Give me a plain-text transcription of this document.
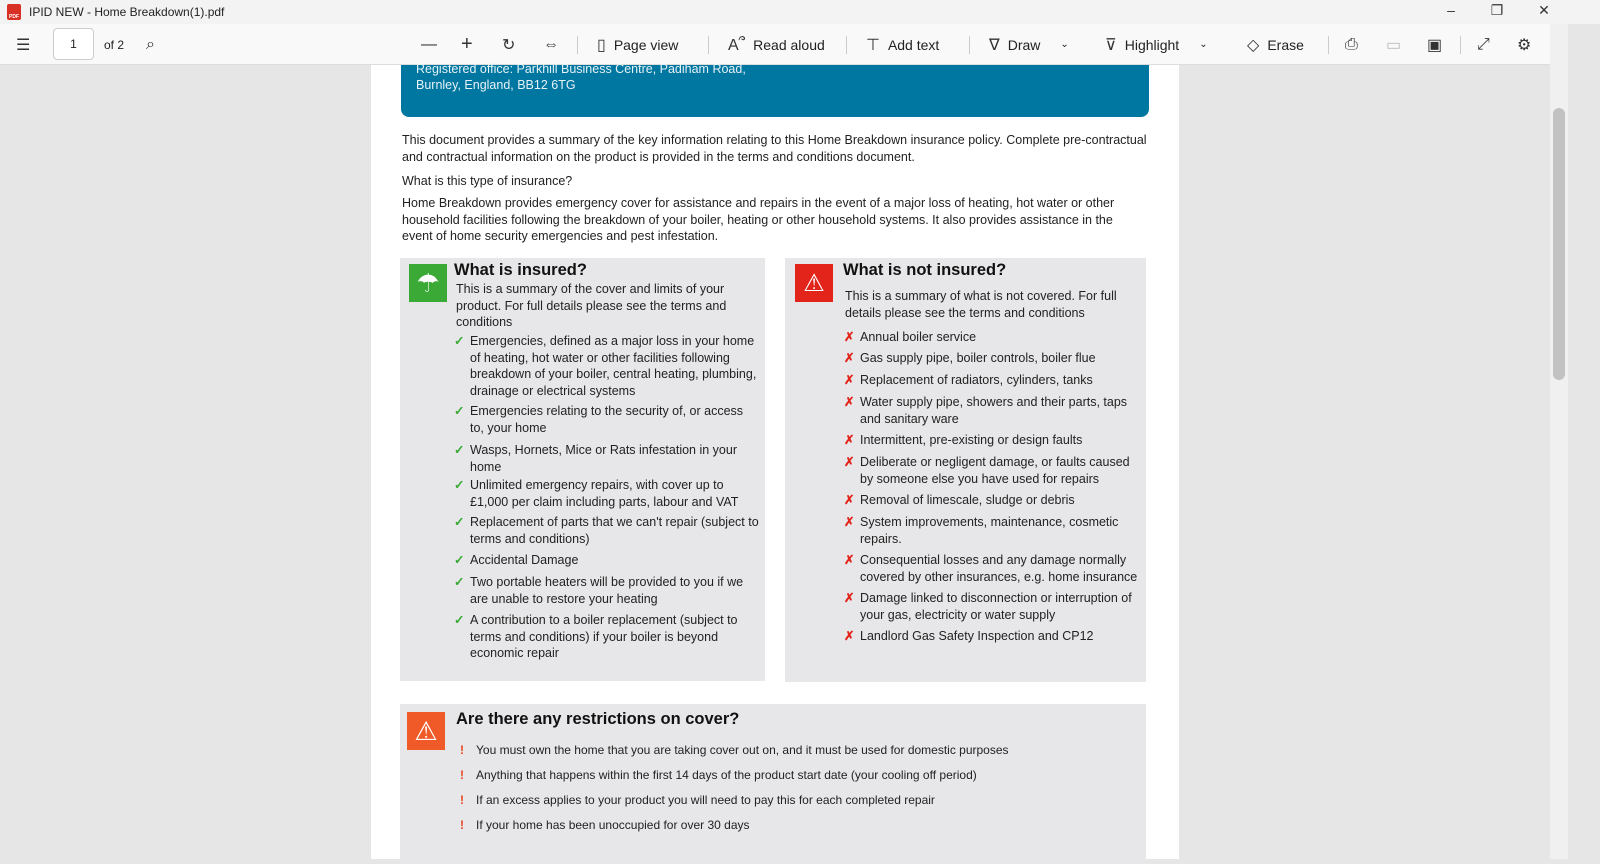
PDF IPID NEW - Home Breakdown(1).pdf	–	❐	✕
☰	1	of 2 ⌕	— + ↻ ⇔ ▯ Page view	A՞ Read aloud	⊤ Add text	∇ Draw ⌄ ⊽ Highlight ⌄ ◇ Erase	⎙ ▭ ▣ ⤢ ⚙
Registered office: Parkhill Business Centre, Padiham Road,
Burnley, England, BB12 6TG

This document provides a summary of the key information relating to this Home Breakdown insurance policy. Complete pre-contractual and contractual information on the product is provided in the terms and conditions document.

What is this type of insurance?

Home Breakdown provides emergency cover for assistance and repairs in the event of a major loss of heating, hot water or other household facilities following the breakdown of your boiler, heating or other household systems. It also provides assistance in the event of home security emergencies and pest infestation.

☂ What is insured?

This is a summary of the cover and limits of your product. For full details please see the terms and conditions

✓ Emergencies, defined as a major loss in your home of heating, hot water or other facilities following breakdown of your boiler, central heating, plumbing, drainage or electrical systems
✓ Emergencies relating to the security of, or access to, your home
✓ Wasps, Hornets, Mice or Rats infestation in your home
✓ Unlimited emergency repairs, with cover up to £1,000 per claim including parts, labour and VAT
✓ Replacement of parts that we can't repair (subject to terms and conditions)
✓ Accidental Damage
✓ Two portable heaters will be provided to you if we are unable to restore your heating
✓ A contribution to a boiler replacement (subject to terms and conditions) if your boiler is beyond economic repair
⚠	What is not insured?

This is a summary of what is not covered. For full details please see the terms and conditions

✗ Annual boiler service
✗ Gas supply pipe, boiler controls, boiler flue
✗ Replacement of radiators, cylinders, tanks
✗ Water supply pipe, showers and their parts, taps and sanitary ware
✗ Intermittent, pre-existing or design faults
✗ Deliberate or negligent damage, or faults caused by someone else you have used for repairs
✗ Removal of limescale, sludge or debris
✗ System improvements, maintenance, cosmetic repairs.
✗ Consequential losses and any damage normally covered by other insurances, e.g. home insurance
✗ Damage linked to disconnection or interruption of your gas, electricity or water supply
✗ Landlord Gas Safety Inspection and CP12
⚠	Are there any restrictions on cover?
! You must own the home that you are taking cover out on, and it must be used for domestic purposes
! Anything that happens within the first 14 days of the product start date (your cooling off period)
! If an excess applies to your product you will need to pay this for each completed repair
! If your home has been unoccupied for over 30 days
